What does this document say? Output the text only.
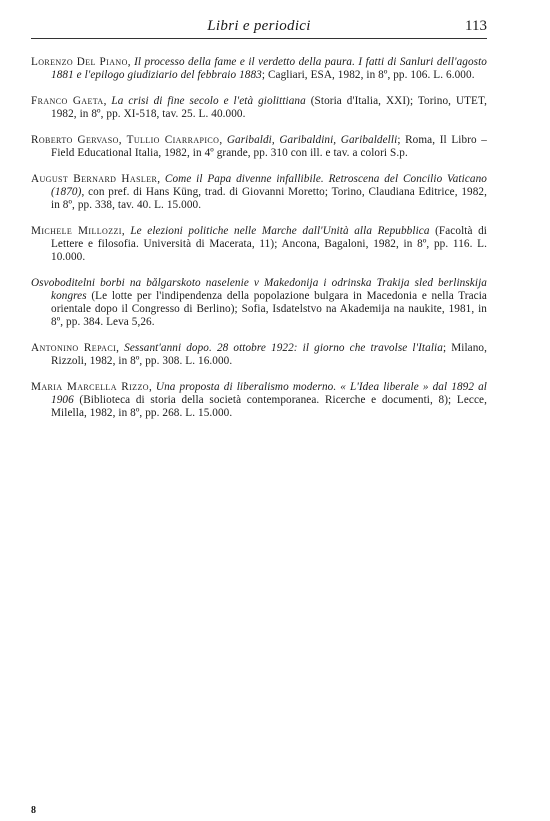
Libri e periodici	113

Lorenzo Del Piano, Il processo della fame e il verdetto della paura. I fatti di Sanluri dell'agosto 1881 e l'epilogo giudiziario del febbraio 1883; Cagliari, ESA, 1982, in 8º, pp. 106. L. 6.000.

Franco Gaeta, La crisi di fine secolo e l'età giolittiana (Storia d'Italia, XXI); Torino, UTET, 1982, in 8º, pp. XI-518, tav. 25. L. 40.000.

Roberto Gervaso, Tullio Ciarrapico, Garibaldi, Garibaldini, Garibaldelli; Roma, Il Libro – Field Educational Italia, 1982, in 4º grande, pp. 310 con ill. e tav. a colori S.p.

August Bernard Hasler, Come il Papa divenne infallibile. Retroscena del Concilio Vaticano (1870), con pref. di Hans Küng, trad. di Giovanni Moretto; Torino, Claudiana Editrice, 1982, in 8º, pp. 338, tav. 40. L. 15.000.

Michele Millozzi, Le elezioni politiche nelle Marche dall'Unità alla Repubblica (Facoltà di Lettere e filosofia. Università di Macerata, 11); Ancona, Bagaloni, 1982, in 8º, pp. 116. L. 10.000.

Osvoboditelni borbi na bălgarskoto naselenie v Makedonija i odrinska Trakija sled berlinskija kongres (Le lotte per l'indipendenza della popolazione bulgara in Macedonia e nella Tracia orientale dopo il Congresso di Berlino); Sofia, Isdatelstvo na Akademija na naukite, 1981, in 8º, pp. 384. Leva 5,26.

Antonino Repaci, Sessant'anni dopo. 28 ottobre 1922: il giorno che travolse l'Italia; Milano, Rizzoli, 1982, in 8º, pp. 308. L. 16.000.

Maria Marcella Rizzo, Una proposta di liberalismo moderno. « L'Idea liberale » dal 1892 al 1906 (Biblioteca di storia della società contemporanea. Ricerche e documenti, 8); Lecce, Milella, 1982, in 8º, pp. 268. L. 15.000.

8
